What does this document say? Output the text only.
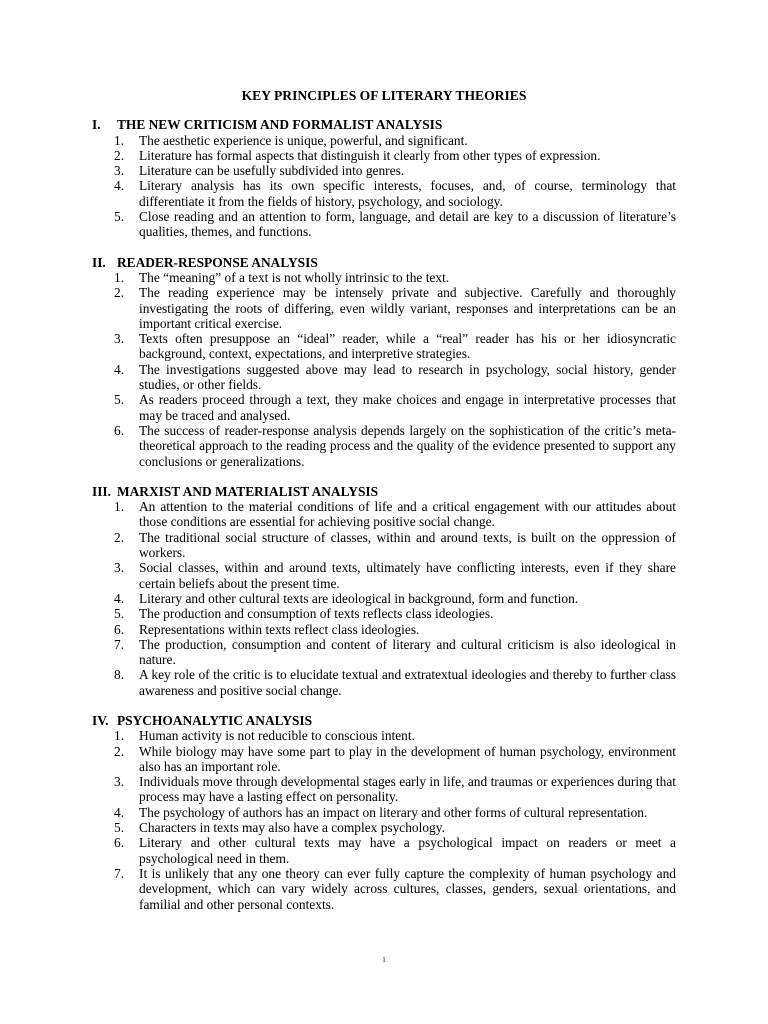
KEY PRINCIPLES OF LITERARY THEORIES
I.	THE NEW CRITICISM AND FORMALIST ANALYSIS
1. The aesthetic experience is unique, powerful, and significant.
2. Literature has formal aspects that distinguish it clearly from other types of expression.
3. Literature can be usefully subdivided into genres.
4. Literary analysis has its own specific interests, focuses, and, of course, terminology that differentiate it from the fields of history, psychology, and sociology.
5. Close reading and an attention to form, language, and detail are key to a discussion of literature’s qualities, themes, and functions.
II. READER-RESPONSE ANALYSIS
1. The “meaning” of a text is not wholly intrinsic to the text.
2. The reading experience may be intensely private and subjective. Carefully and thoroughly investigating the roots of differing, even wildly variant, responses and interpretations can be an important critical exercise.
3. Texts often presuppose an “ideal” reader, while a “real” reader has his or her idiosyncratic background, context, expectations, and interpretive strategies.
4. The investigations suggested above may lead to research in psychology, social history, gender studies, or other fields.
5. As readers proceed through a text, they make choices and engage in interpretative processes that may be traced and analysed.
6. The success of reader-response analysis depends largely on the sophistication of the critic’s meta-theoretical approach to the reading process and the quality of the evidence presented to support any conclusions or generalizations.
III. MARXIST AND MATERIALIST ANALYSIS
1. An attention to the material conditions of life and a critical engagement with our attitudes about those conditions are essential for achieving positive social change.
2. The traditional social structure of classes, within and around texts, is built on the oppression of workers.
3. Social classes, within and around texts, ultimately have conflicting interests, even if they share certain beliefs about the present time.
4. Literary and other cultural texts are ideological in background, form and function.
5. The production and consumption of texts reflects class ideologies.
6. Representations within texts reflect class ideologies.
7. The production, consumption and content of literary and cultural criticism is also ideological in nature.
8. A key role of the critic is to elucidate textual and extratextual ideologies and thereby to further class awareness and positive social change.
IV. PSYCHOANALYTIC ANALYSIS
1. Human activity is not reducible to conscious intent.
2. While biology may have some part to play in the development of human psychology, environment also has an important role.
3. Individuals move through developmental stages early in life, and traumas or experiences during that process may have a lasting effect on personality.
4. The psychology of authors has an impact on literary and other forms of cultural representation.
5. Characters in texts may also have a complex psychology.
6. Literary and other cultural texts may have a psychological impact on readers or meet a psychological need in them.
7. It is unlikely that any one theory can ever fully capture the complexity of human psychology and development, which can vary widely across cultures, classes, genders, sexual orientations, and familial and other personal contexts.
1
